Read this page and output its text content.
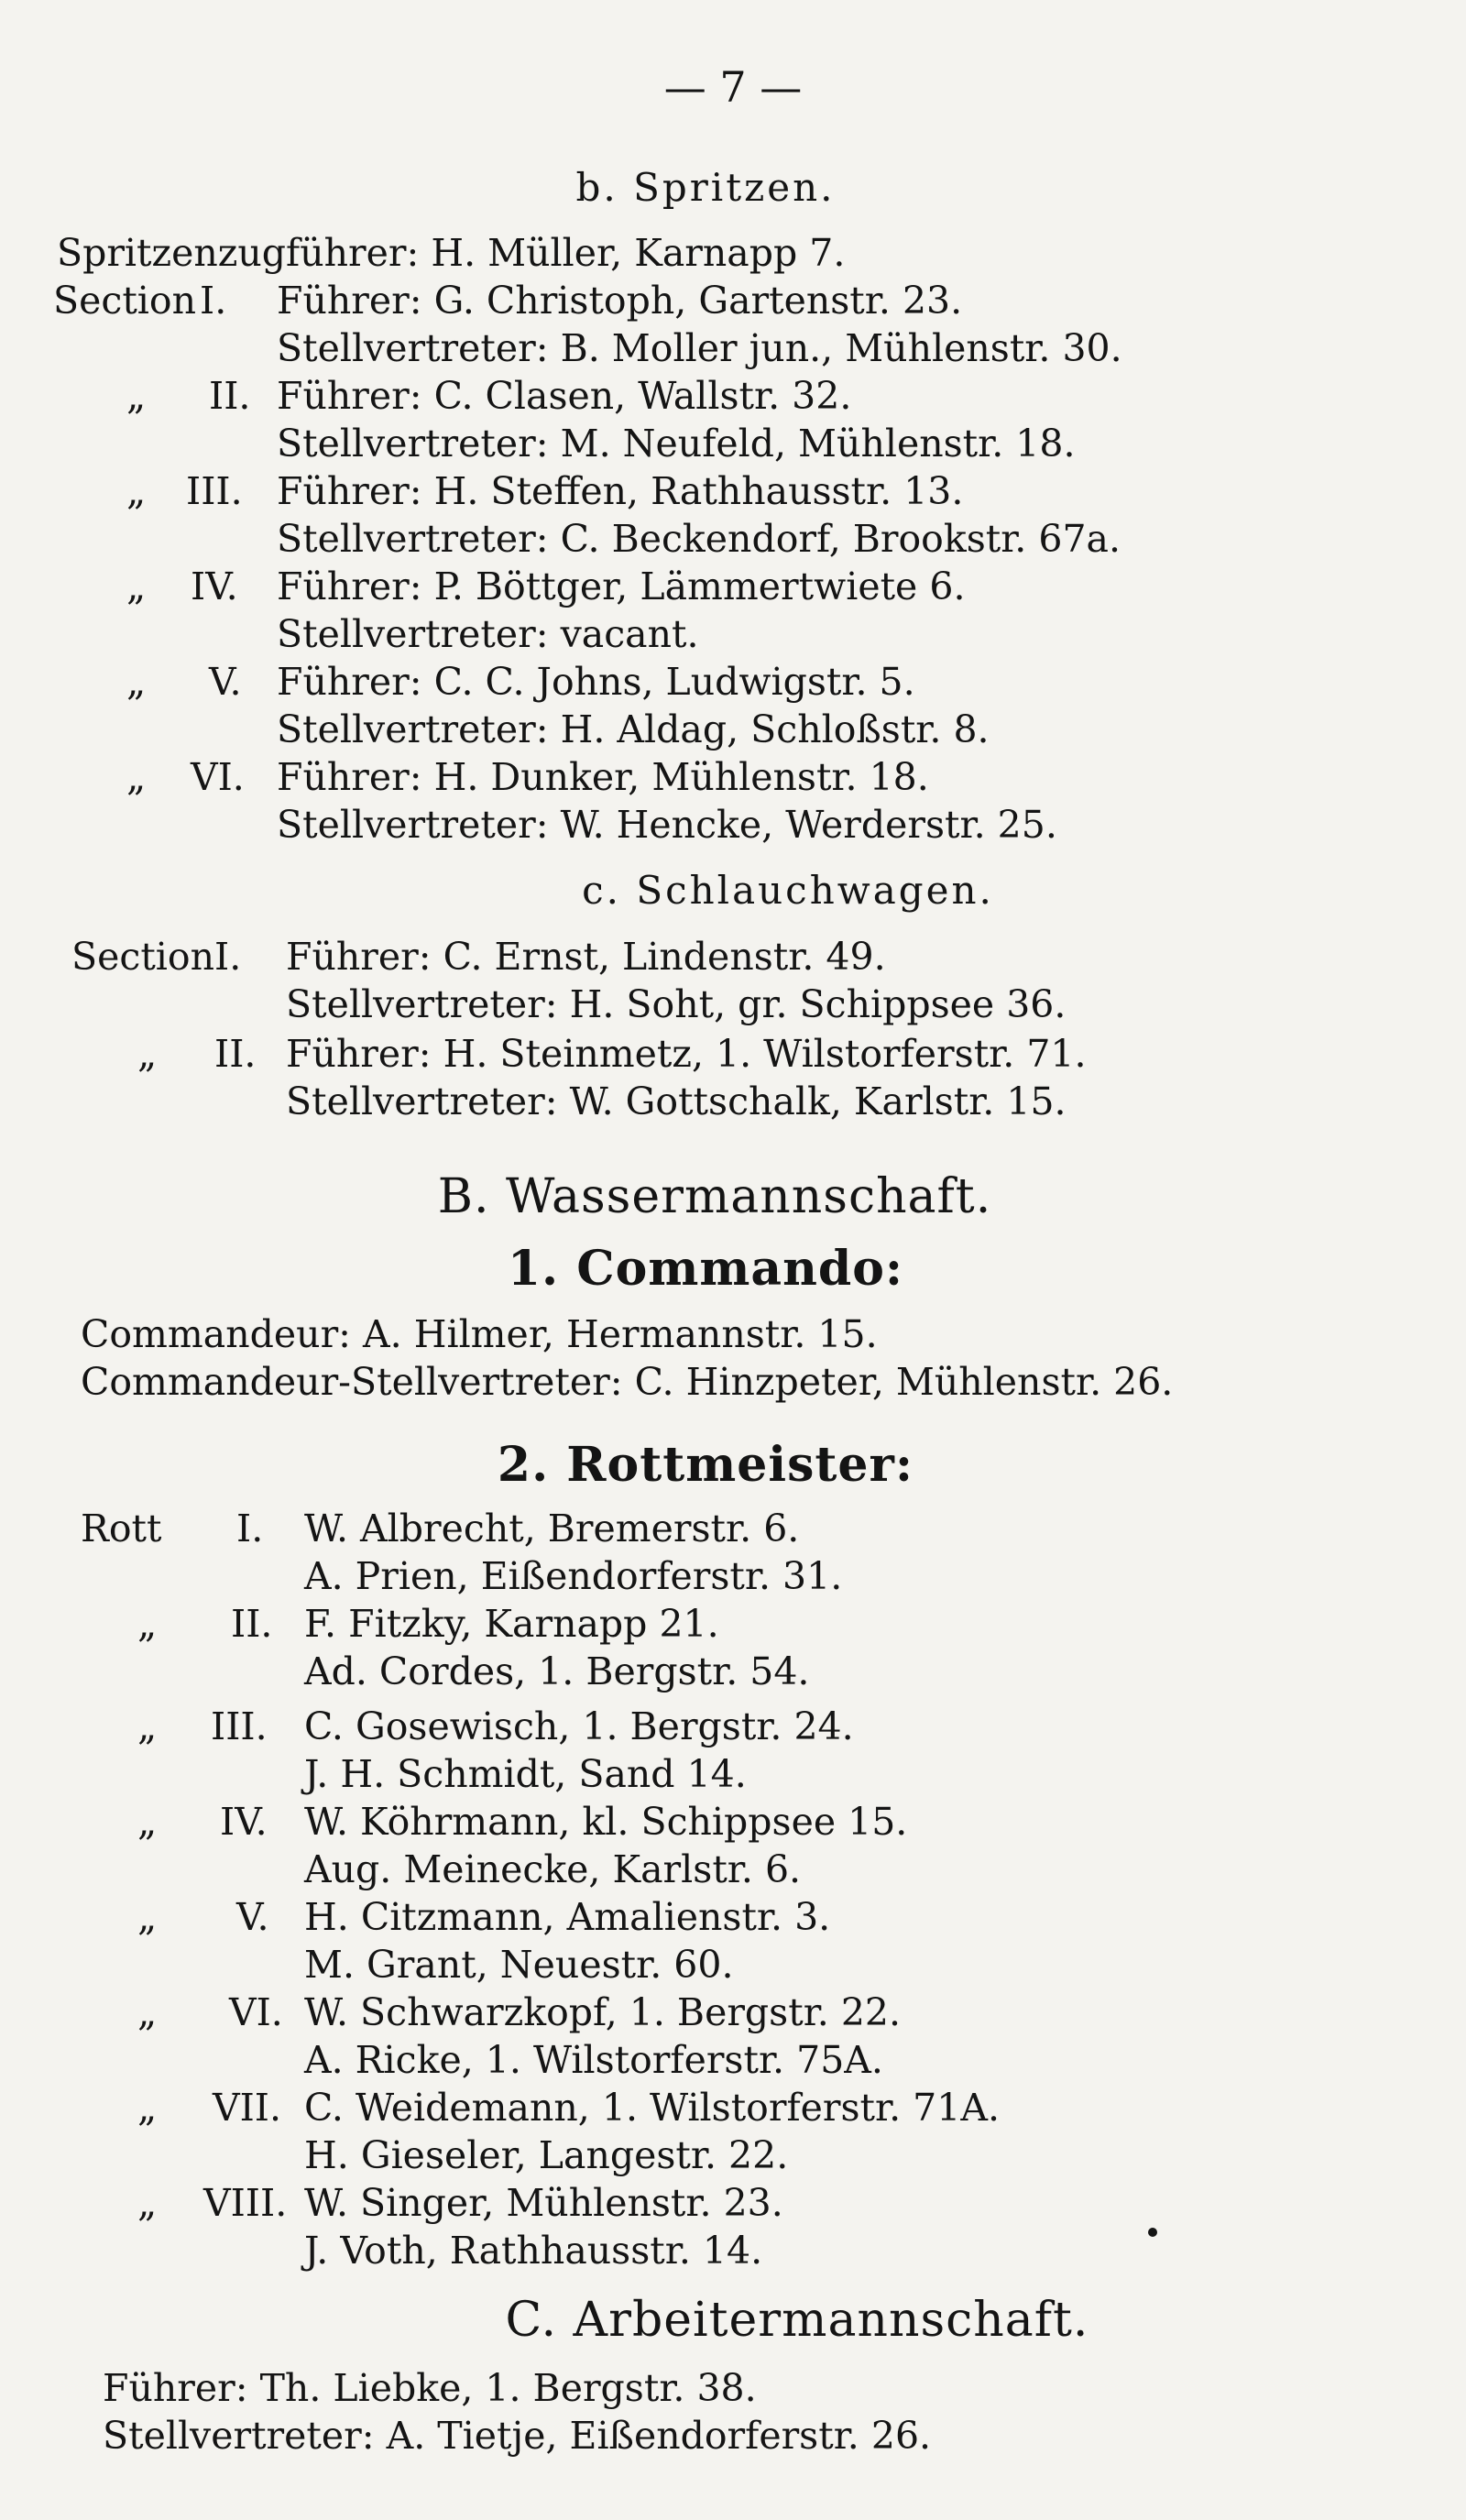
— 7 —
b. Spritzen.
Spritzenzugführer: H. Müller, Karnapp 7.
Section I. Führer: G. Christoph, Gartenstr. 23.
Stellvertreter: B. Moller jun., Mühlenstr. 30.
„ II. Führer: C. Clasen, Wallstr. 32.
Stellvertreter: M. Neufeld, Mühlenstr. 18.
„ III. Führer: H. Steffen, Rathhausstr. 13.
Stellvertreter: C. Beckendorf, Brookstr. 67a.
„ IV. Führer: P. Böttger, Lämmertwiete 6.
Stellvertreter: vacant.
„ V. Führer: C. C. Johns, Ludwigstr. 5.
Stellvertreter: H. Aldag, Schloßstr. 8.
„ VI. Führer: H. Dunker, Mühlenstr. 18.
Stellvertreter: W. Hencke, Werderstr. 25.
c. Schlauchwagen.
Section I. Führer: C. Ernst, Lindenstr. 49.
Stellvertreter: H. Soht, gr. Schippsee 36.
„ II. Führer: H. Steinmetz, 1. Wilstorferstr. 71.
Stellvertreter: W. Gottschalk, Karlstr. 15.
B. Wassermannschaft.
1. Commando:
Commandeur: A. Hilmer, Hermannstr. 15.
Commandeur-Stellvertreter: C. Hinzpeter, Mühlenstr. 26.
2. Rottmeister:
Rott I. W. Albrecht, Bremerstr. 6.
A. Prien, Eißendorferstr. 31.
„ II. F. Fitzky, Karnapp 21.
Ad. Cordes, 1. Bergstr. 54.
„ III. C. Gosewisch, 1. Bergstr. 24.
J. H. Schmidt, Sand 14.
„ IV. W. Köhrmann, kl. Schippsee 15.
Aug. Meinecke, Karlstr. 6.
„ V. H. Citzmann, Amalienstr. 3.
M. Grant, Neuestr. 60.
„ VI. W. Schwarzkopf, 1. Bergstr. 22.
A. Ricke, 1. Wilstorferstr. 75A.
„ VII. C. Weidemann, 1. Wilstorferstr. 71A.
H. Gieseler, Langestr. 22.
„ VIII. W. Singer, Mühlenstr. 23.
J. Voth, Rathhausstr. 14.
C. Arbeitermannschaft.
Führer: Th. Liebke, 1. Bergstr. 38.
Stellvertreter: A. Tietje, Eißendorferstr. 26.
